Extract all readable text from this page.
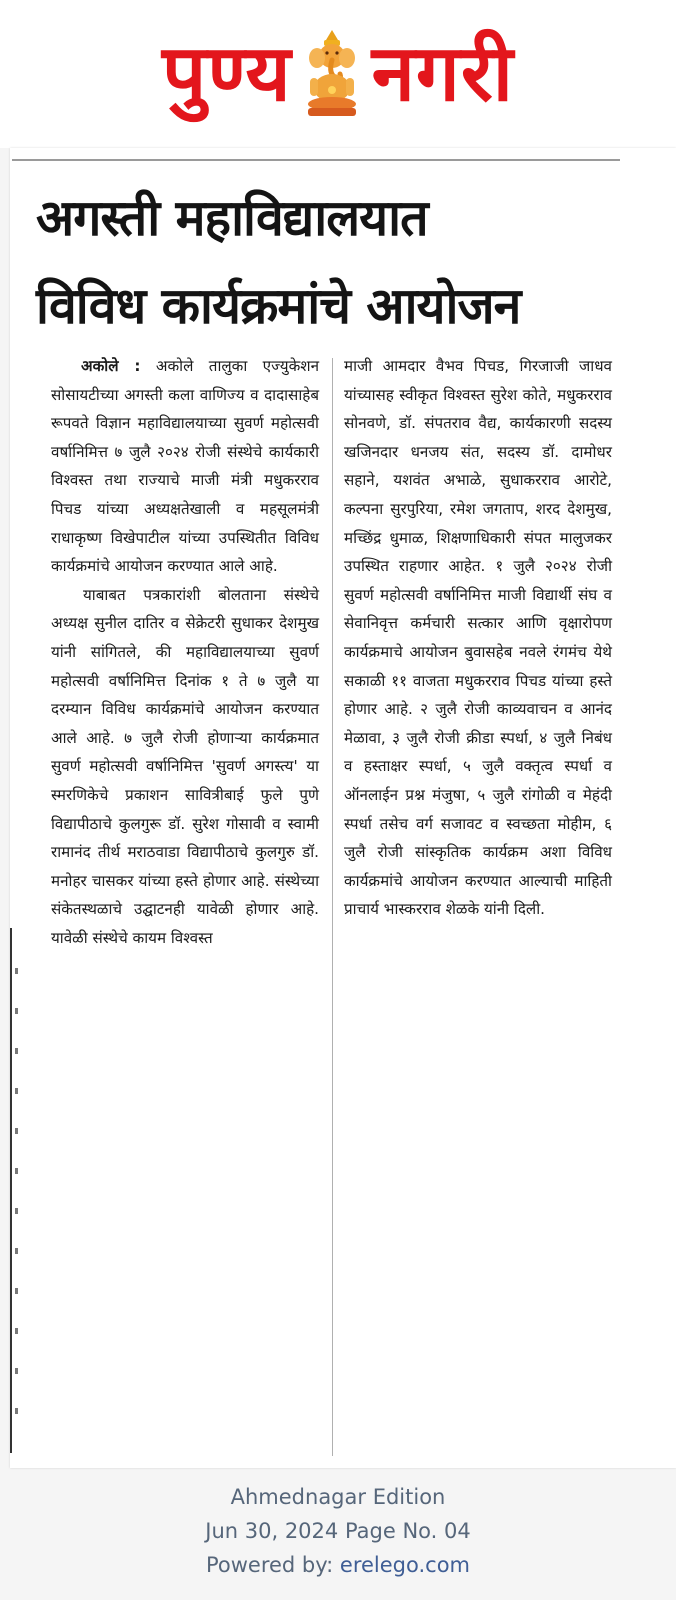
पुण्य नगरी
अगस्ती महाविद्यालयात
विविध कार्यक्रमांचे आयोजन

अकोले : अकोले तालुका एज्युकेशन सोसायटीच्या अगस्ती कला वाणिज्य व दादासाहेब रूपवते विज्ञान महाविद्यालयाच्या सुवर्ण महोत्सवी वर्षानिमित्त ७ जुलै २०२४ रोजी संस्थेचे कार्यकारी विश्वस्त तथा राज्याचे माजी मंत्री मधुकरराव पिचड यांच्या अध्यक्षतेखाली व महसूलमंत्री राधाकृष्ण विखेपाटील यांच्या उपस्थितीत विविध कार्यक्रमांचे आयोजन करण्यात आले आहे.

याबाबत पत्रकारांशी बोलताना संस्थेचे अध्यक्ष सुनील दातिर व सेक्रेटरी सुधाकर देशमुख यांनी सांगितले, की महाविद्यालयाच्या सुवर्ण महोत्सवी वर्षानिमित्त दिनांक १ ते ७ जुलै या दरम्यान विविध कार्यक्रमांचे आयोजन करण्यात आले आहे. ७ जुलै रोजी होणाऱ्या कार्यक्रमात सुवर्ण महोत्सवी वर्षानिमित्त 'सुवर्ण अगस्त्य' या स्मरणिकेचे प्रकाशन सावित्रीबाई फुले पुणे विद्यापीठाचे कुलगुरू डॉ. सुरेश गोसावी व स्वामी रामानंद तीर्थ मराठवाडा विद्यापीठाचे कुलगुरु डॉ. मनोहर चासकर यांच्या हस्ते होणार आहे. संस्थेच्या संकेतस्थळाचे उद्घाटनही यावेळी होणार आहे. यावेळी संस्थेचे कायम विश्वस्त

माजी आमदार वैभव पिचड, गिरजाजी जाधव यांच्यासह स्वीकृत विश्वस्त सुरेश कोते, मधुकरराव सोनवणे, डॉ. संपतराव वैद्य, कार्यकारणी सदस्य खजिनदार धनजय संत, सदस्य डॉ. दामोधर सहाने, यशवंत अभाळे, सुधाकरराव आरोटे, कल्पना सुरपुरिया, रमेश जगताप, शरद देशमुख, मच्छिंद्र धुमाळ, शिक्षणाधिकारी संपत मालुजकर उपस्थित राहणार आहेत. १ जुलै २०२४ रोजी सुवर्ण महोत्सवी वर्षानिमित्त माजी विद्यार्थी संघ व सेवानिवृत्त कर्मचारी सत्कार आणि वृक्षारोपण कार्यक्रमाचे आयोजन बुवासहेब नवले रंगमंच येथे सकाळी ११ वाजता मधुकरराव पिचड यांच्या हस्ते होणार आहे. २ जुलै रोजी काव्यवाचन व आनंद मेळावा, ३ जुलै रोजी क्रीडा स्पर्धा, ४ जुलै निबंध व हस्ताक्षर स्पर्धा, ५ जुलै वक्तृत्व स्पर्धा व ऑनलाईन प्रश्न मंजुषा, ५ जुलै रांगोळी व मेहंदी स्पर्धा तसेच वर्ग सजावट व स्वच्छता मोहीम, ६ जुलै रोजी सांस्कृतिक कार्यक्रम अशा विविध कार्यक्रमांचे आयोजन करण्यात आल्याची माहिती प्राचार्य भास्करराव शेळके यांनी दिली.

Ahmednagar Edition
Jun 30, 2024 Page No. 04
Powered by: erelego.com
